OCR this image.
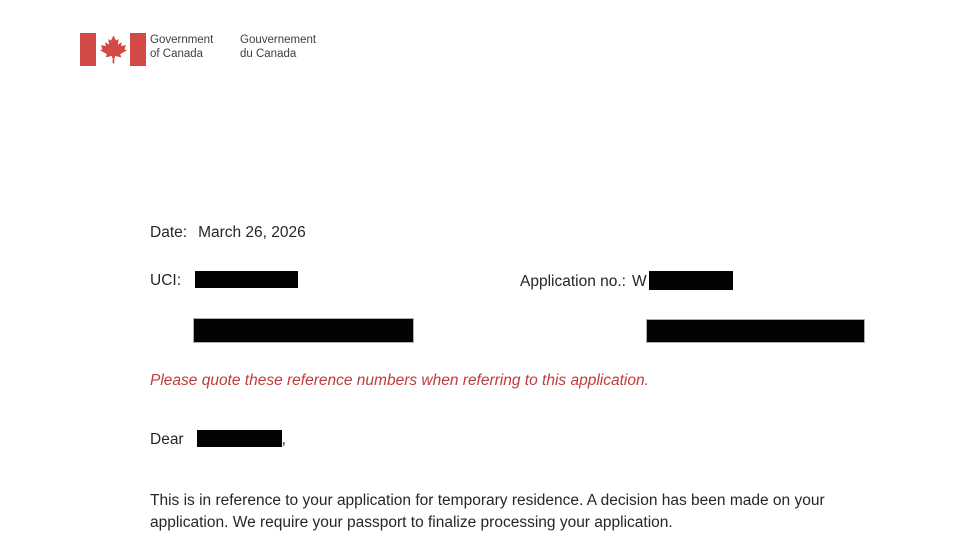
Government
of Canada
Gouvernement
du Canada
Date: March 26, 2026
UCI:	Application no.: W
Please quote these reference numbers when referring to this application.
Dear	,

This is in reference to your application for temporary residence. A decision has been made on your application. We require your passport to finalize processing your application.
